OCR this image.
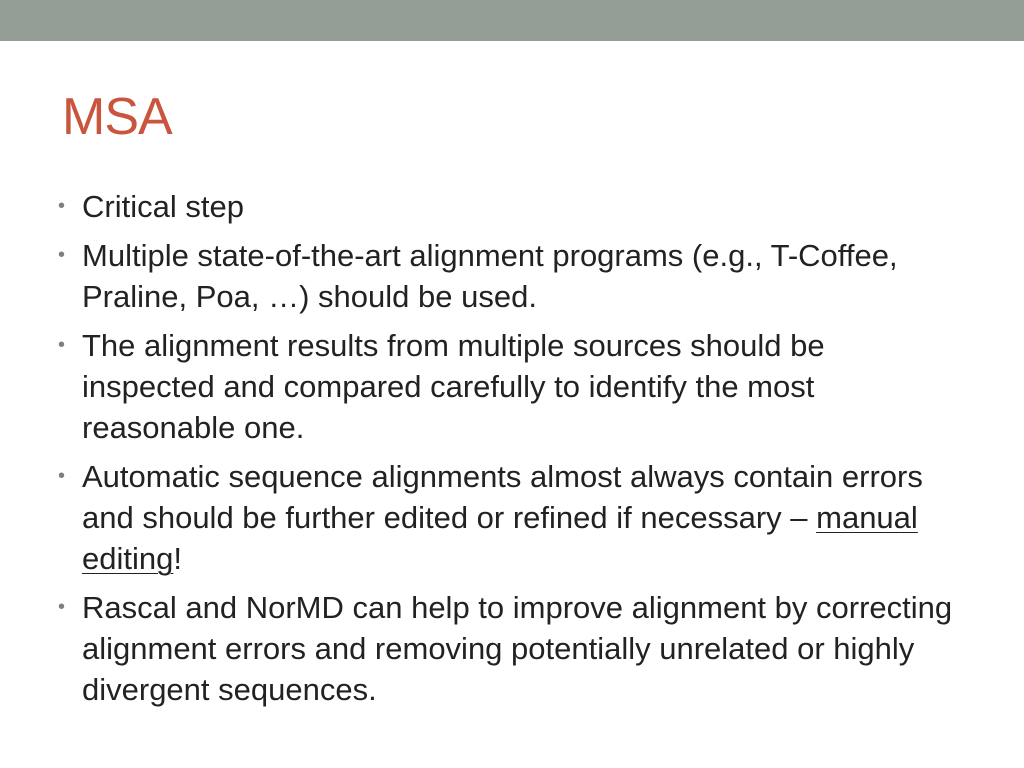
MSA
• Critical step
• Multiple state-of-the-art alignment programs (e.g., T-Coffee, Praline, Poa, …) should be used.
• The alignment results from multiple sources should be inspected and compared carefully to identify the most reasonable one.
• Automatic sequence alignments almost always contain errors and should be further edited or refined if necessary – manual editing!
• Rascal and NorMD can help to improve alignment by correcting alignment errors and removing potentially unrelated or highly divergent sequences.
